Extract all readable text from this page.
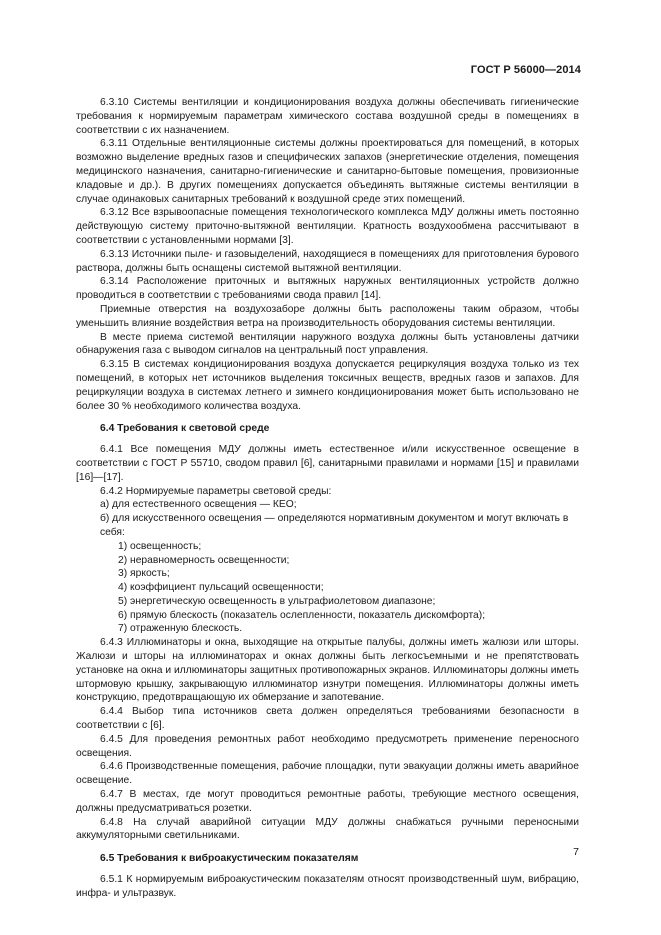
ГОСТ Р 56000—2014

6.3.10 Системы вентиляции и кондиционирования воздуха должны обеспечивать гигиенические требования к нормируемым параметрам химического состава воздушной среды в помещениях в соответствии с их назначением.

6.3.11 Отдельные вентиляционные системы должны проектироваться для помещений, в которых возможно выделение вредных газов и специфических запахов (энергетические отделения, помещения медицинского назначения, санитарно-гигиенические и санитарно-бытовые помещения, провизионные кладовые и др.). В других помещениях допускается объединять вытяжные системы вентиляции в случае одинаковых санитарных требований к воздушной среде этих помещений.

6.3.12 Все взрывоопасные помещения технологического комплекса МДУ должны иметь постоянно действующую систему приточно-вытяжной вентиляции. Кратность воздухообмена рассчитывают в соответствии с установленными нормами [3].

6.3.13 Источники пыле- и газовыделений, находящиеся в помещениях для приготовления бурового раствора, должны быть оснащены системой вытяжной вентиляции.

6.3.14 Расположение приточных и вытяжных наружных вентиляционных устройств должно проводиться в соответствии с требованиями свода правил [14].

Приемные отверстия на воздухозаборе должны быть расположены таким образом, чтобы уменьшить влияние воздействия ветра на производительность оборудования системы вентиляции.

В месте приема системой вентиляции наружного воздуха должны быть установлены датчики обнаружения газа с выводом сигналов на центральный пост управления.

6.3.15 В системах кондиционирования воздуха допускается рециркуляция воздуха только из тех помещений, в которых нет источников выделения токсичных веществ, вредных газов и запахов. Для рециркуляции воздуха в системах летнего и зимнего кондиционирования может быть использовано не более 30 % необходимого количества воздуха.

6.4 Требования к световой среде

6.4.1 Все помещения МДУ должны иметь естественное и/или искусственное освещение в соответствии с ГОСТ Р 55710, сводом правил [6], санитарными правилами и нормами [15] и правилами [16]—[17].

6.4.2 Нормируемые параметры световой среды:

а) для естественного освещения — КЕО;

б) для искусственного освещения — определяются нормативным документом и могут включать в себя:

1) освещенность;

2) неравномерность освещенности;

3) яркость;

4) коэффициент пульсаций освещенности;

5) энергетическую освещенность в ультрафиолетовом диапазоне;

6) прямую блескость (показатель ослепленности, показатель дискомфорта);

7) отраженную блескость.

6.4.3 Иллюминаторы и окна, выходящие на открытые палубы, должны иметь жалюзи или шторы. Жалюзи и шторы на иллюминаторах и окнах должны быть легкосъемными и не препятствовать установке на окна и иллюминаторы защитных противопожарных экранов. Иллюминаторы должны иметь штормовую крышку, закрывающую иллюминатор изнутри помещения. Иллюминаторы должны иметь конструкцию, предотвращающую их обмерзание и запотевание.

6.4.4 Выбор типа источников света должен определяться требованиями безопасности в соответствии с [6].

6.4.5 Для проведения ремонтных работ необходимо предусмотреть применение переносного освещения.

6.4.6 Производственные помещения, рабочие площадки, пути эвакуации должны иметь аварийное освещение.

6.4.7 В местах, где могут проводиться ремонтные работы, требующие местного освещения, должны предусматриваться розетки.

6.4.8 На случай аварийной ситуации МДУ должны снабжаться ручными переносными аккумуляторными светильниками.

6.5 Требования к виброакустическим показателям

6.5.1 К нормируемым виброакустическим показателям относят производственный шум, вибрацию, инфра- и ультразвук.

7
